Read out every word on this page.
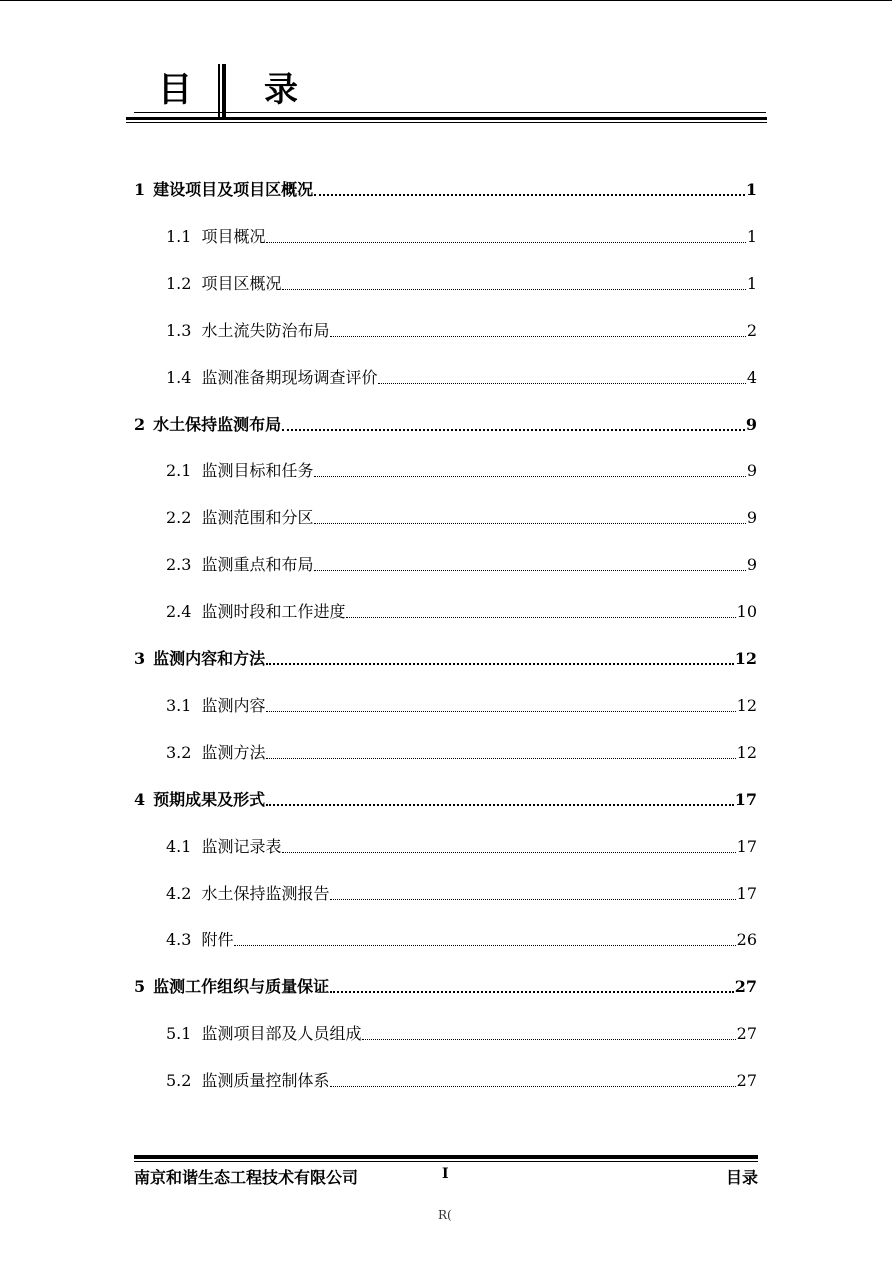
目 录
1 建设项目及项目区概况	1
1.1 项目概况	1
1.2 项目区概况	1
1.3 水土流失防治布局	2
1.4 监测准备期现场调查评价	4
2 水土保持监测布局	9
2.1 监测目标和任务	9
2.2 监测范围和分区	9
2.3 监测重点和布局	9
2.4 监测时段和工作进度	10
3 监测内容和方法	12
3.1 监测内容	12
3.2 监测方法	12
4 预期成果及形式	17
4.1 监测记录表	17
4.2 水土保持监测报告	17
4.3 附件	26
5 监测工作组织与质量保证	27
5.1 监测项目部及人员组成	27
5.2 监测质量控制体系	27
南京和谐生态工程技术有限公司	I	目录
R(
